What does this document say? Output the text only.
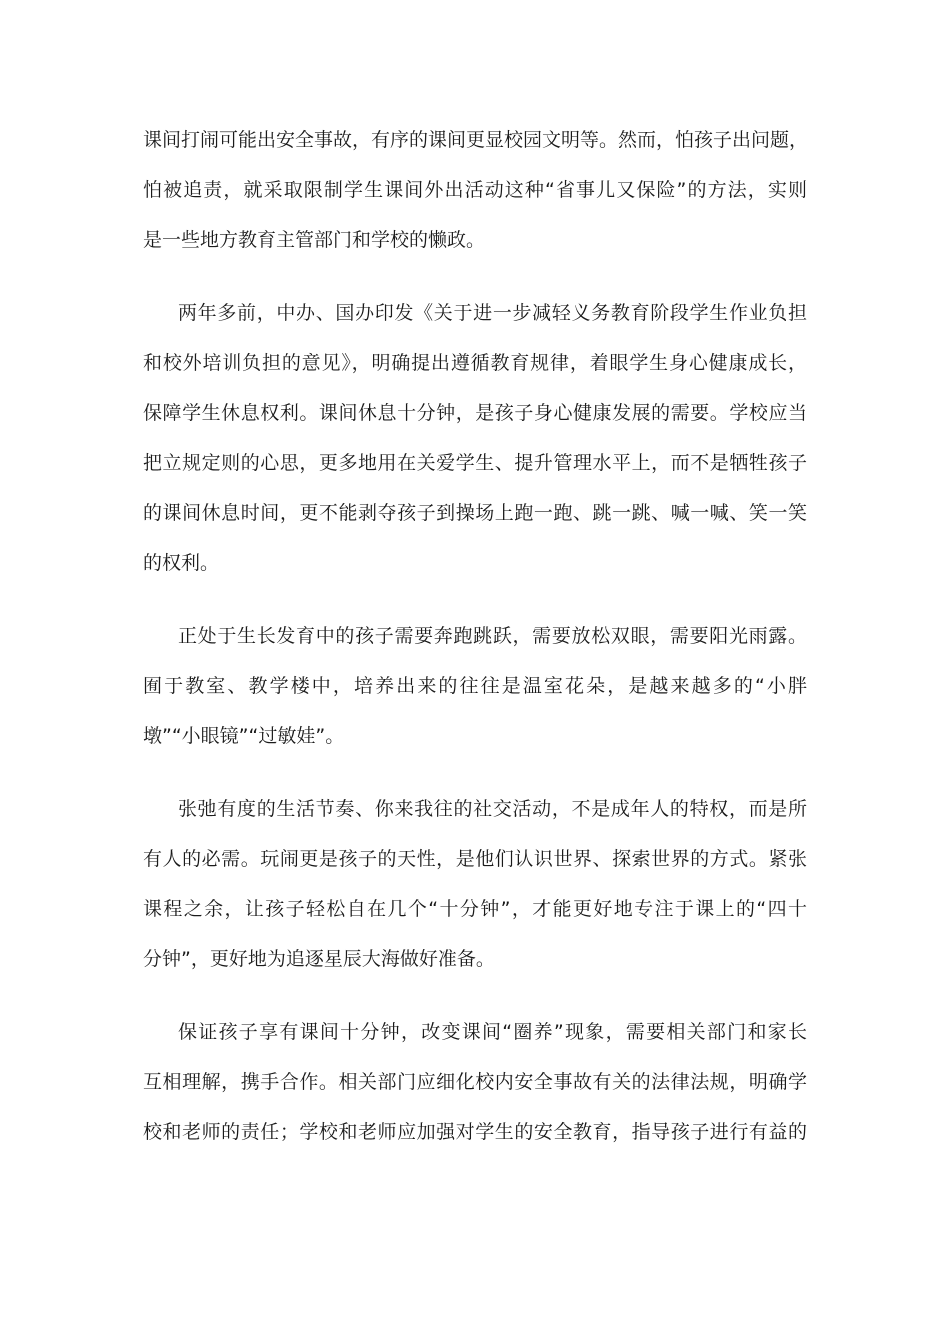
课间打闹可能出安全事故，有序的课间更显校园文明等。然而，怕孩子出问题，
怕被追责，就采取限制学生课间外出活动这种“省事儿又保险”的方法，实则
是一些地方教育主管部门和学校的懒政。
两年多前，中办、国办印发《关于进一步减轻义务教育阶段学生作业负担
和校外培训负担的意见》，明确提出遵循教育规律，着眼学生身心健康成长，
保障学生休息权利。课间休息十分钟，是孩子身心健康发展的需要。学校应当
把立规定则的心思，更多地用在关爱学生、提升管理水平上，而不是牺牲孩子
的课间休息时间，更不能剥夺孩子到操场上跑一跑、跳一跳、喊一喊、笑一笑
的权利。
正处于生长发育中的孩子需要奔跑跳跃，需要放松双眼，需要阳光雨露。
囿于教室、教学楼中，培养出来的往往是温室花朵，是越来越多的“小胖
墩”“小眼镜”“过敏娃”。
张弛有度的生活节奏、你来我往的社交活动，不是成年人的特权，而是所
有人的必需。玩闹更是孩子的天性，是他们认识世界、探索世界的方式。紧张
课程之余，让孩子轻松自在几个“十分钟”，才能更好地专注于课上的“四十
分钟”，更好地为追逐星辰大海做好准备。
保证孩子享有课间十分钟，改变课间“圈养”现象，需要相关部门和家长
互相理解，携手合作。相关部门应细化校内安全事故有关的法律法规，明确学
校和老师的责任；学校和老师应加强对学生的安全教育，指导孩子进行有益的
